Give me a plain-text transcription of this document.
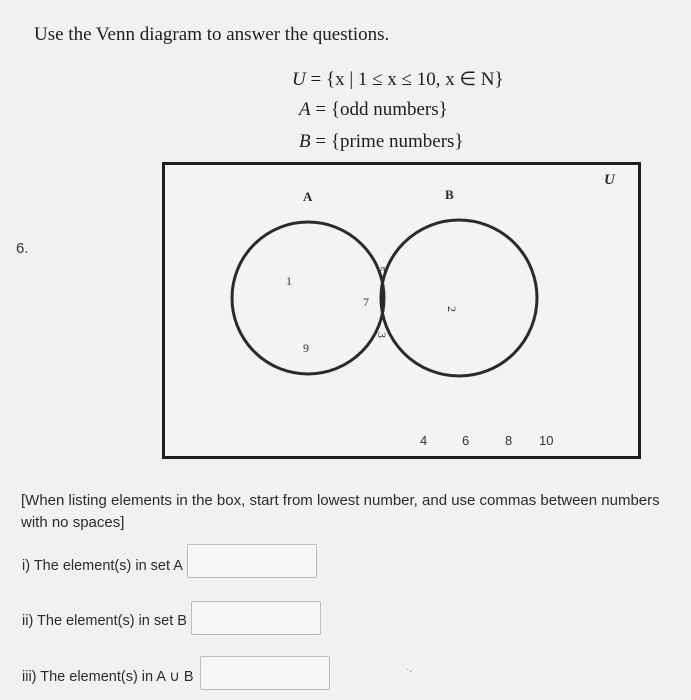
Use the Venn diagram to answer the questions.
U = {x | 1 ≤ x ≤ 10, x ∈ N}
A = {odd numbers}
B = {prime numbers}
6.
U
A	B
1
9
5
7
3
2
4	6	8 10
[When listing elements in the box, start from lowest number, and use commas between numbers with no spaces]
i) The element(s) in set A
ii) The element(s) in set B
iii) The element(s) in A ∪ B	·.
